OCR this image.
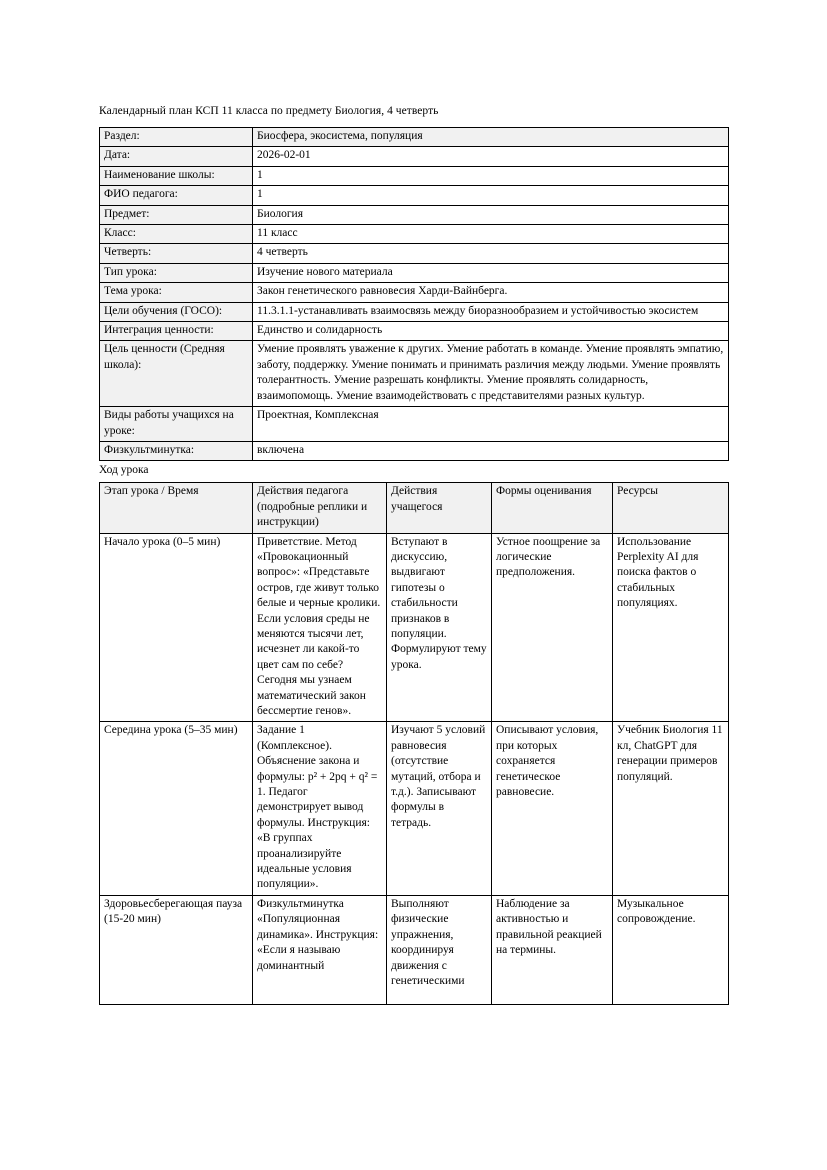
Календарный план КСП 11 класса по предмету Биология, 4 четверть

Раздел:	Биосфера, экосистема, популяция
Дата:	2026-02-01
Наименование школы:	1
ФИО педагога:	1
Предмет:	Биология
Класс:	11 класс
Четверть:	4 четверть
Тип урока:	Изучение нового материала
Тема урока:	Закон генетического равновесия Харди-Вайнберга.
Цели обучения (ГОСО):	11.3.1.1-устанавливать взаимосвязь между биоразнообразием и устойчивостью экосистем
Интеграция ценности:	Единство и солидарность
Цель ценности (Средняя школа):	Умение проявлять уважение к других. Умение работать в команде. Умение проявлять эмпатию, заботу, поддержку. Умение понимать и принимать различия между людьми. Умение проявлять толерантность. Умение разрешать конфликты. Умение проявлять солидарность, взаимопомощь. Умение взаимодействовать с представителями разных культур.
Виды работы учащихся на уроке:	Проектная, Комплексная
Физкультминутка:	включена

Ход урока

Этап урока / Время	Действия педагога (подробные реплики и инструкции)	Действия учащегося	Формы оценивания	Ресурсы
Начало урока (0–5 мин)	Приветствие. Метод «Провокационный вопрос»: «Представьте остров, где живут только белые и черные кролики. Если условия среды не меняются тысячи лет, исчезнет ли какой-то цвет сам по себе? Сегодня мы узнаем математический закон бессмертие генов».	Вступают в дискуссию, выдвигают гипотезы о стабильности признаков в популяции. Формулируют тему урока.	Устное поощрение за логические предположения.	Использование Perplexity AI для поиска фактов о стабильных популяциях.
Середина урока (5–35 мин)	Задание 1 (Комплексное). Объяснение закона и формулы: p² + 2pq + q² = 1. Педагог демонстрирует вывод формулы. Инструкция: «В группах проанализируйте идеальные условия популяции».	Изучают 5 условий равновесия (отсутствие мутаций, отбора и т.д.). Записывают формулы в тетрадь.	Описывают условия, при которых сохраняется генетическое равновесие.	Учебник Биология 11 кл, ChatGPT для генерации примеров популяций.
Здоровьесберегающая пауза (15-20 мин)	Физкультминутка «Популяционная динамика». Инструкция: «Если я называю доминантный	Выполняют физические упражнения, координируя движения с генетическими	Наблюдение за активностью и правильной реакцией на термины.	Музыкальное сопровождение.
